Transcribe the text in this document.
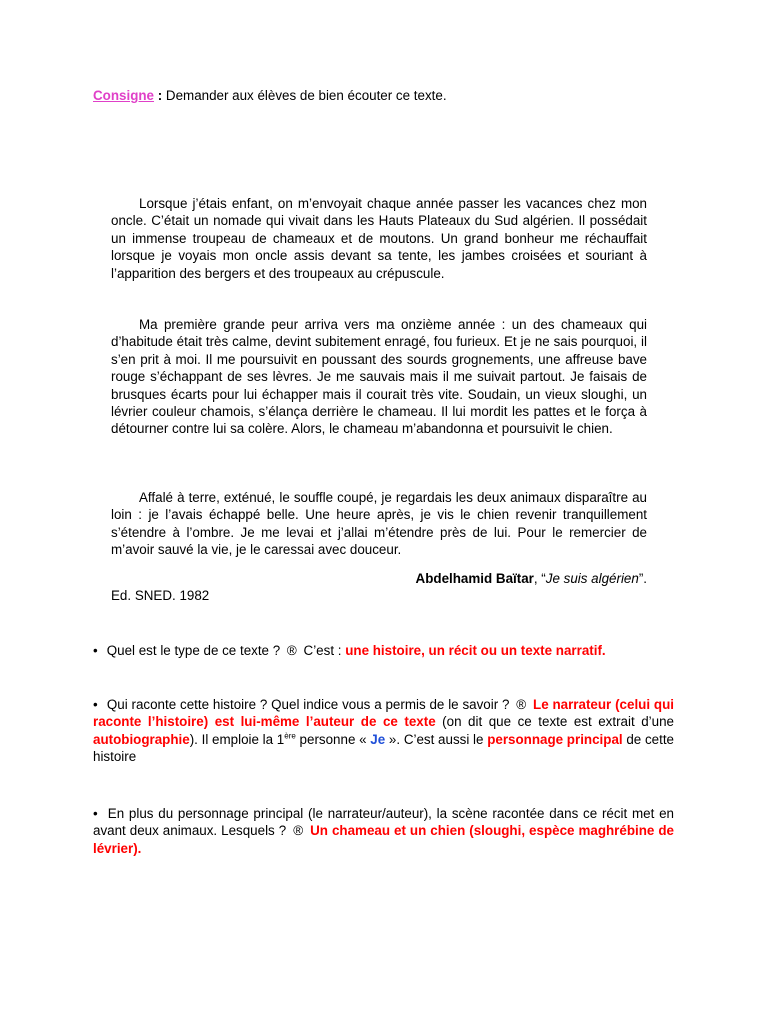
Consigne : Demander aux élèves de bien écouter ce texte.

Lorsque j’étais enfant, on m’envoyait chaque année passer les vacances chez mon oncle. C’était un nomade qui vivait dans les Hauts Plateaux du Sud algérien. Il possédait un immense troupeau de chameaux et de moutons. Un grand bonheur me réchauffait lorsque je voyais mon oncle assis devant sa tente, les jambes croisées et souriant à l’apparition des bergers et des troupeaux au crépuscule.

Ma première grande peur arriva vers ma onzième année : un des chameaux qui d’habitude était très calme, devint subitement enragé, fou furieux. Et je ne sais pourquoi, il s’en prit à moi. Il me poursuivit en poussant des sourds grognements, une affreuse bave rouge s’échappant de ses lèvres. Je me sauvais mais il me suivait partout. Je faisais de brusques écarts pour lui échapper mais il courait très vite. Soudain, un vieux sloughi, un lévrier couleur chamois, s’élança derrière le chameau. Il lui mordit les pattes et le força à détourner contre lui sa colère. Alors, le chameau m’abandonna et poursuivit le chien.

Affalé à terre, exténué, le souffle coupé, je regardais les deux animaux disparaître au loin : je l’avais échappé belle. Une heure après, je vis le chien revenir tranquillement s’étendre à l’ombre. Je me levai et j’allai m’étendre près de lui. Pour le remercier de m’avoir sauvé la vie, je le caressai avec douceur.

Abdelhamid Baïtar, “Je suis algérien”.
Ed. SNED. 1982
• Quel est le type de ce texte ? ® C’est : une histoire, un récit ou un texte narratif.
• Qui raconte cette histoire ? Quel indice vous a permis de le savoir ? ® Le narrateur (celui qui raconte l’histoire) est lui-même l’auteur de ce texte (on dit que ce texte est extrait d’une autobiographie). Il emploie la 1ère personne « Je ». C’est aussi le personnage principal de cette histoire
• En plus du personnage principal (le narrateur/auteur), la scène racontée dans ce récit met en avant deux animaux. Lesquels ? ® Un chameau et un chien (sloughi, espèce maghrébine de lévrier).
